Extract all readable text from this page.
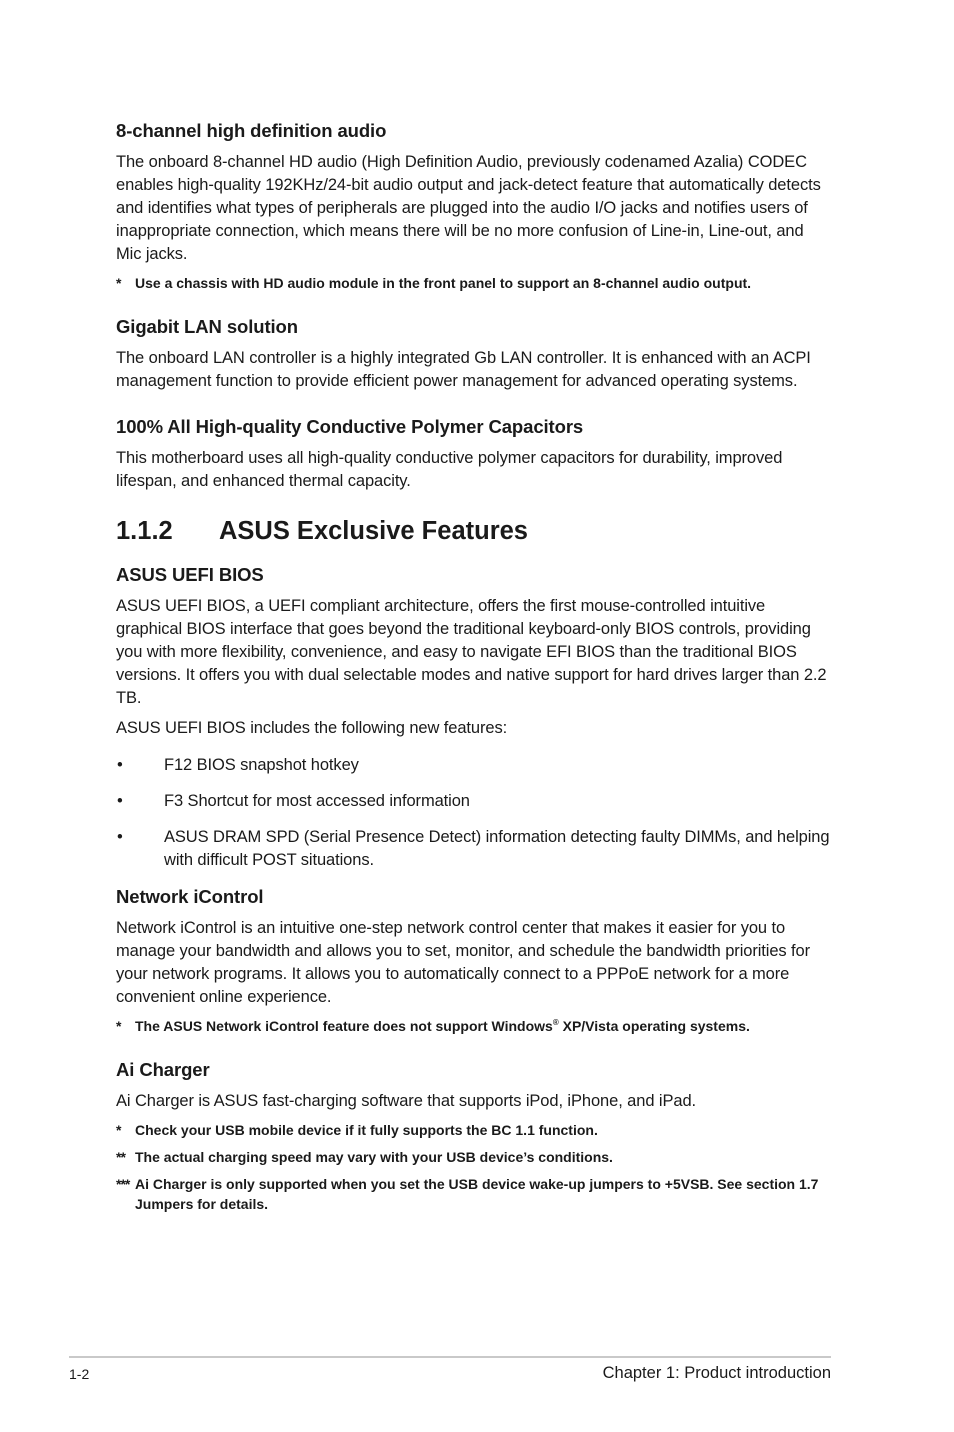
8-channel high definition audio

The onboard 8-channel HD audio (High Definition Audio, previously codenamed Azalia) CODEC enables high-quality 192KHz/24-bit audio output and jack-detect feature that automatically detects and identifies what types of peripherals are plugged into the audio I/O jacks and notifies users of inappropriate connection, which means there will be no more confusion of Line-in, Line-out, and Mic jacks.

*	Use a chassis with HD audio module in the front panel to support an 8-channel audio output.
Gigabit LAN solution

The onboard LAN controller is a highly integrated Gb LAN controller. It is enhanced with an ACPI management function to provide efficient power management for advanced operating systems.

100% All High-quality Conductive Polymer Capacitors

This motherboard uses all high-quality conductive polymer capacitors for durability, improved lifespan, and enhanced thermal capacity.

1.1.2	ASUS Exclusive Features
ASUS UEFI BIOS

ASUS UEFI BIOS, a UEFI compliant architecture, offers the first mouse-controlled intuitive graphical BIOS interface that goes beyond the traditional keyboard-only BIOS controls, providing you with more flexibility, convenience, and easy to navigate EFI BIOS than the traditional BIOS versions. It offers you with dual selectable modes and native support for hard drives larger than 2.2 TB.

ASUS UEFI BIOS includes the following new features:

•	F12 BIOS snapshot hotkey
•	F3 Shortcut for most accessed information
•	ASUS DRAM SPD (Serial Presence Detect) information detecting faulty DIMMs, and helping with difficult POST situations.
Network iControl

Network iControl is an intuitive one-step network control center that makes it easier for you to manage your bandwidth and allows you to set, monitor, and schedule the bandwidth priorities for your network programs. It allows you to automatically connect to a PPPoE network for a more convenient online experience.

*	The ASUS Network iControl feature does not support Windows® XP/Vista operating systems.
Ai Charger

Ai Charger is ASUS fast-charging software that supports iPod, iPhone, and iPad.

*	Check your USB mobile device if it fully supports the BC 1.1 function.
** The actual charging speed may vary with your USB device’s conditions.
*** Ai Charger is only supported when you set the USB device wake-up jumpers to +5VSB. See section 1.7 Jumpers for details.
1-2	Chapter 1: Product introduction
